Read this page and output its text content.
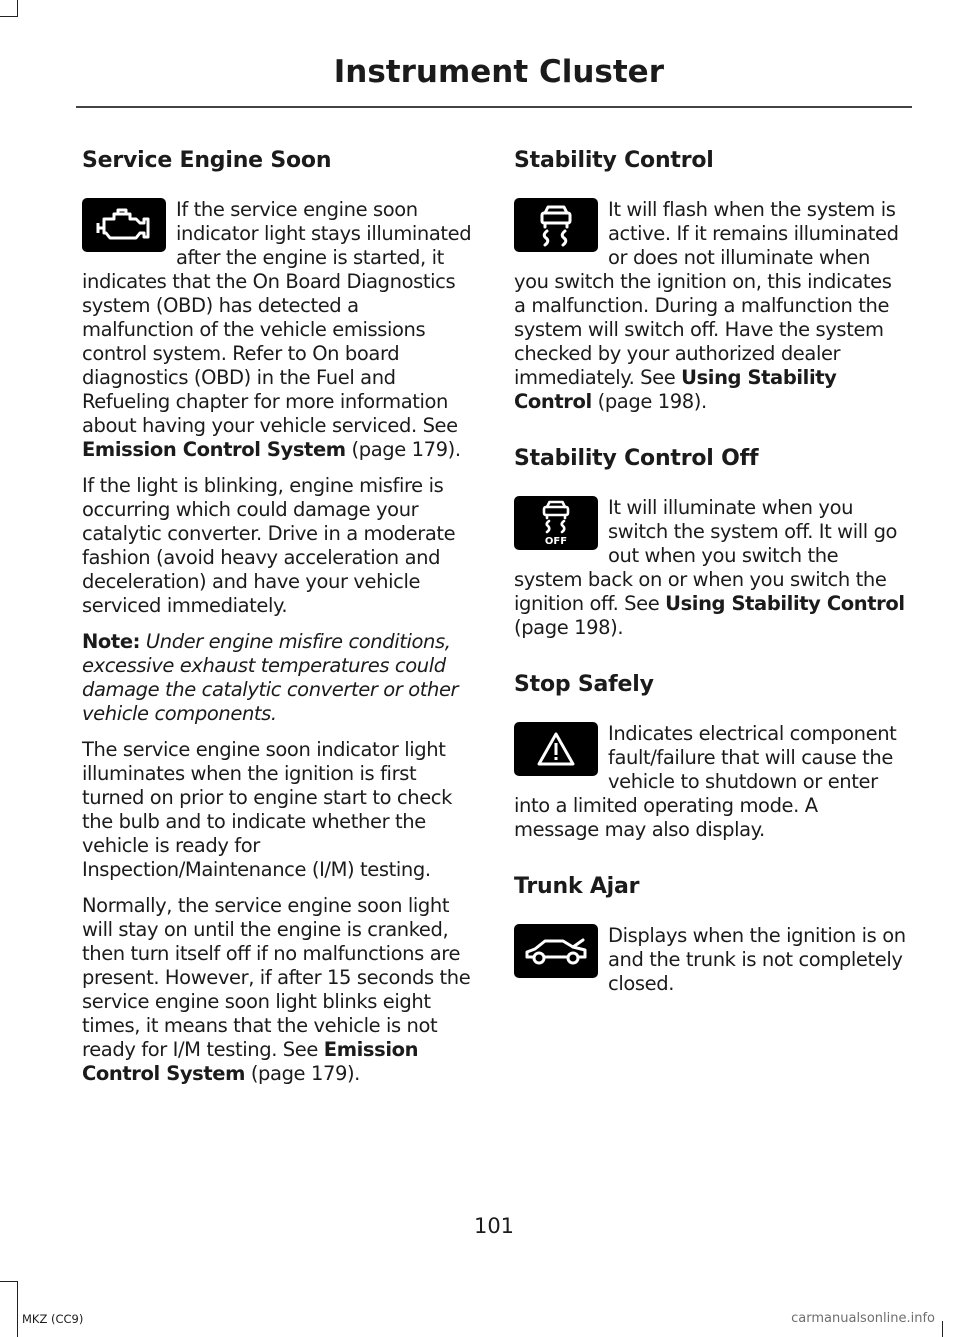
Instrument Cluster
Service Engine Soon

If the service engine soon indicator light stays illuminated after the engine is started, it indicates that the On Board Diagnostics system (OBD) has detected a malfunction of the vehicle emissions control system. Refer to On board diagnostics (OBD) in the Fuel and Refueling chapter for more information about having your vehicle serviced. See Emission Control System (page 179).

If the light is blinking, engine misfire is occurring which could damage your catalytic converter. Drive in a moderate fashion (avoid heavy acceleration and deceleration) and have your vehicle serviced immediately.

Note: Under engine misfire conditions, excessive exhaust temperatures could damage the catalytic converter or other vehicle components.

The service engine soon indicator light illuminates when the ignition is first turned on prior to engine start to check the bulb and to indicate whether the vehicle is ready for Inspection/Maintenance (I/M) testing.

Normally, the service engine soon light will stay on until the engine is cranked, then turn itself off if no malfunctions are present. However, if after 15 seconds the service engine soon light blinks eight times, it means that the vehicle is not ready for I/M testing. See Emission Control System (page 179).

Stability Control

It will flash when the system is active. If it remains illuminated or does not illuminate when you switch the ignition on, this indicates a malfunction. During a malfunction the system will switch off. Have the system checked by your authorized dealer immediately. See Using Stability Control (page 198).

Stability Control Off
OFF

It will illuminate when you switch the system off. It will go out when you switch the system back on or when you switch the ignition off. See Using Stability Control (page 198).

Stop Safely

Indicates electrical component fault/failure that will cause the vehicle to shutdown or enter into a limited operating mode. A message may also display.

Trunk Ajar

Displays when the ignition is on and the trunk is not completely closed.

101
MKZ (CC9)	carmanualsonline.info
